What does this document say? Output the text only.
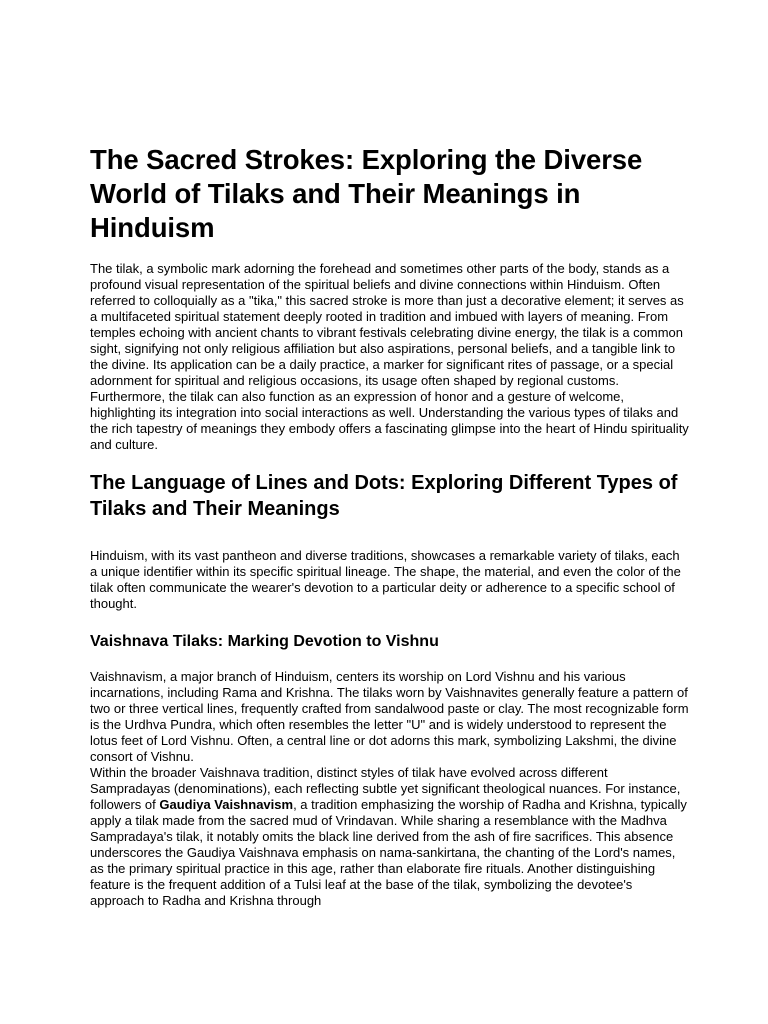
The Sacred Strokes: Exploring the Diverse World of Tilaks and Their Meanings in Hinduism

The tilak, a symbolic mark adorning the forehead and sometimes other parts of the body, stands as a profound visual representation of the spiritual beliefs and divine connections within Hinduism. Often referred to colloquially as a "tika," this sacred stroke is more than just a decorative element; it serves as a multifaceted spiritual statement deeply rooted in tradition and imbued with layers of meaning. From temples echoing with ancient chants to vibrant festivals celebrating divine energy, the tilak is a common sight, signifying not only religious affiliation but also aspirations, personal beliefs, and a tangible link to the divine. Its application can be a daily practice, a marker for significant rites of passage, or a special adornment for spiritual and religious occasions, its usage often shaped by regional customs. Furthermore, the tilak can also function as an expression of honor and a gesture of welcome, highlighting its integration into social interactions as well. Understanding the various types of tilaks and the rich tapestry of meanings they embody offers a fascinating glimpse into the heart of Hindu spirituality and culture.

The Language of Lines and Dots: Exploring Different Types of Tilaks and Their Meanings

Hinduism, with its vast pantheon and diverse traditions, showcases a remarkable variety of tilaks, each a unique identifier within its specific spiritual lineage. The shape, the material, and even the color of the tilak often communicate the wearer's devotion to a particular deity or adherence to a specific school of thought.

Vaishnava Tilaks: Marking Devotion to Vishnu

Vaishnavism, a major branch of Hinduism, centers its worship on Lord Vishnu and his various incarnations, including Rama and Krishna. The tilaks worn by Vaishnavites generally feature a pattern of two or three vertical lines, frequently crafted from sandalwood paste or clay. The most recognizable form is the Urdhva Pundra, which often resembles the letter "U" and is widely understood to represent the lotus feet of Lord Vishnu. Often, a central line or dot adorns this mark, symbolizing Lakshmi, the divine consort of Vishnu.

Within the broader Vaishnava tradition, distinct styles of tilak have evolved across different Sampradayas (denominations), each reflecting subtle yet significant theological nuances. For instance, followers of Gaudiya Vaishnavism, a tradition emphasizing the worship of Radha and Krishna, typically apply a tilak made from the sacred mud of Vrindavan. While sharing a resemblance with the Madhva Sampradaya's tilak, it notably omits the black line derived from the ash of fire sacrifices. This absence underscores the Gaudiya Vaishnava emphasis on nama-sankirtana, the chanting of the Lord's names, as the primary spiritual practice in this age, rather than elaborate fire rituals. Another distinguishing feature is the frequent addition of a Tulsi leaf at the base of the tilak, symbolizing the devotee's approach to Radha and Krishna through
